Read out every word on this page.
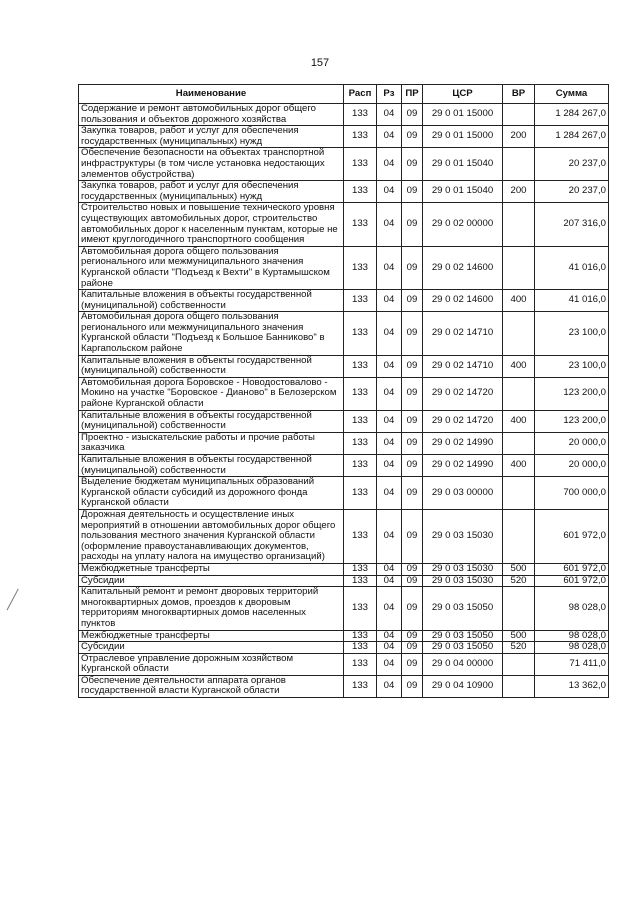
157
Наименование	Расп	Рз	ПР	ЦСР	ВР	Сумма
Содержание и ремонт автомобильных дорог общего пользования и объектов дорожного хозяйства	133	04	09	29 0 01 15000		1 284 267,0
Закупка товаров, работ и услуг для обеспечения государственных (муниципальных) нужд	133	04	09	29 0 01 15000	200	1 284 267,0
Обеспечение безопасности на объектах транспортной инфраструктуры (в том числе установка недостающих элементов обустройства)	133	04	09	29 0 01 15040		20 237,0
Закупка товаров, работ и услуг для обеспечения государственных (муниципальных) нужд	133	04	09	29 0 01 15040	200	20 237,0
Строительство новых и повышение технического уровня существующих автомобильных дорог, строительство автомобильных дорог к населенным пунктам, которые не имеют круглогодичного транспортного сообщения	133	04	09	29 0 02 00000		207 316,0
Автомобильная дорога общего пользования регионального или межмуниципального значения Курганской области "Подъезд к Вехти" в Куртамышском районе	133	04	09	29 0 02 14600		41 016,0
Капитальные вложения в объекты государственной (муниципальной) собственности	133	04	09	29 0 02 14600	400	41 016,0
Автомобильная дорога общего пользования регионального или межмуниципального значения Курганской области "Подъезд к Большое Банниково" в Каргапольском районе	133	04	09	29 0 02 14710		23 100,0
Капитальные вложения в объекты государственной (муниципальной) собственности	133	04	09	29 0 02 14710	400	23 100,0
Автомобильная дорога Боровское - Новодостовалово - Мокино на участке "Боровское - Дианово" в Белозерском районе Курганской области	133	04	09	29 0 02 14720		123 200,0
Капитальные вложения в объекты государственной (муниципальной) собственности	133	04	09	29 0 02 14720	400	123 200,0
Проектно - изыскательские работы и прочие работы заказчика	133	04	09	29 0 02 14990		20 000,0
Капитальные вложения в объекты государственной (муниципальной) собственности	133	04	09	29 0 02 14990	400	20 000,0
Выделение бюджетам муниципальных образований Курганской области субсидий из дорожного фонда Курганской области	133	04	09	29 0 03 00000		700 000,0
Дорожная деятельность и осуществление иных мероприятий в отношении автомобильных дорог общего пользования местного значения Курганской области (оформление правоустанавливающих документов, расходы на уплату налога на имущество организаций)	133	04	09	29 0 03 15030		601 972,0
Межбюджетные трансферты	133	04	09	29 0 03 15030	500	601 972,0
Субсидии	133	04	09	29 0 03 15030	520	601 972,0
Капитальный ремонт и ремонт дворовых территорий многоквартирных домов, проездов к дворовым территориям многоквартирных домов населенных пунктов	133	04	09	29 0 03 15050		98 028,0
Межбюджетные трансферты	133	04	09	29 0 03 15050	500	98 028,0
Субсидии	133	04	09	29 0 03 15050	520	98 028,0
Отраслевое управление дорожным хозяйством Курганской области	133	04	09	29 0 04 00000		71 411,0
Обеспечение деятельности аппарата органов государственной власти Курганской области	133	04	09	29 0 04 10900		13 362,0
